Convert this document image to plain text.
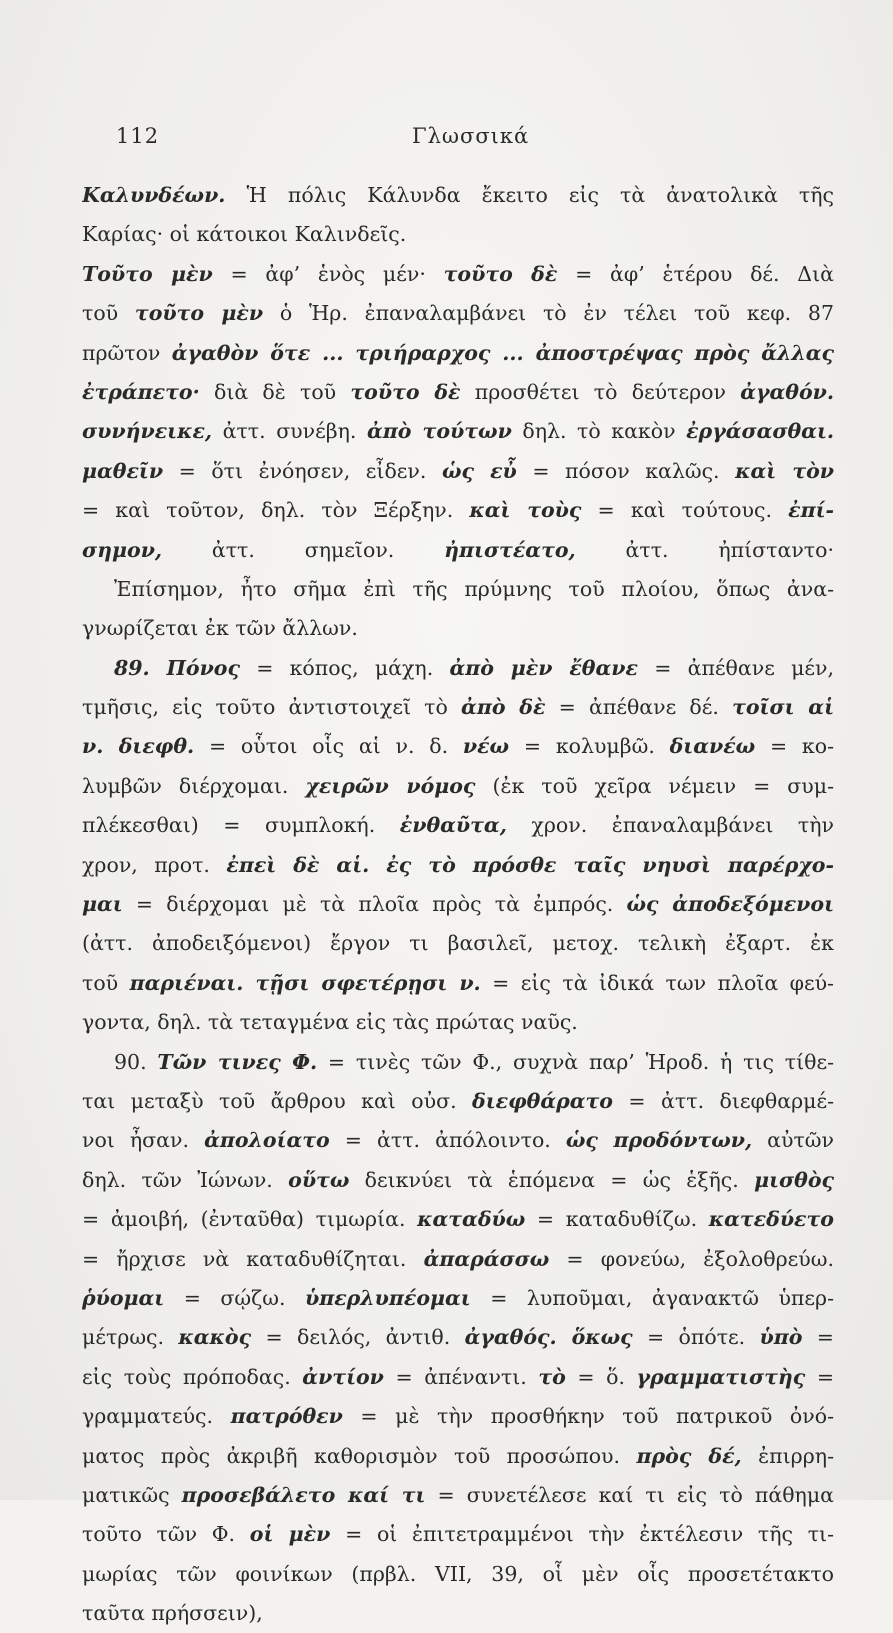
112	Γλωσσικά
Καλυνδέων. Ἡ πόλις Κάλυνδα ἔκειτο εἰς τὰ ἀνατολικὰ τῆς
Καρίας· οἱ κάτοικοι Καλινδεῖς.
Τοῦτο μὲν = ἀφ’ ἑνὸς μέν· τοῦτο δὲ = ἀφ’ ἑτέρου δέ. Διὰ
τοῦ τοῦτο μὲν ὁ Ἡρ. ἐπαναλαμβάνει τὸ ἐν τέλει τοῦ κεφ. 87
πρῶτον ἀγαθὸν ὅτε ... τριήραρχος ... ἀποστρέψας πρὸς ἄλλας
ἐτράπετο· διὰ δὲ τοῦ τοῦτο δὲ προσθέτει τὸ δεύτερον ἀγαθόν.
συνήνεικε, ἀττ. συνέβη. ἀπὸ τούτων δηλ. τὸ κακὸν ἐργάσασθαι.
μαθεῖν = ὅτι ἐνόησεν, εἶδεν. ὡς εὖ = πόσον καλῶς. καὶ τὸν
= καὶ τοῦτον, δηλ. τὸν Ξέρξην. καὶ τοὺς = καὶ τούτους. ἐπί-
σημον, ἀττ. σημεῖον. ἠπιστέατο, ἀττ. ἠπίσταντο·
Ἐπίσημον, ἦτο σῆμα ἐπὶ τῆς πρύμνης τοῦ πλοίου, ὅπως ἀνα-
γνωρίζεται ἐκ τῶν ἄλλων.
89. Πόνος = κόπος, μάχη. ἀπὸ μὲν ἔθανε = ἀπέθανε μέν,
τμῆσις, εἰς τοῦτο ἀντιστοιχεῖ τὸ ἀπὸ δὲ = ἀπέθανε δέ. τοῖσι αἱ
ν. διεφθ. = οὗτοι οἷς αἱ ν. δ. νέω = κολυμβῶ. διανέω = κο-
λυμβῶν διέρχομαι. χειρῶν νόμος (ἐκ τοῦ χεῖρα νέμειν = συμ-
πλέκεσθαι) = συμπλοκή. ἐνθαῦτα, χρον. ἐπαναλαμβάνει τὴν
χρον, προτ. ἐπεὶ δὲ αἱ. ἐς τὸ πρόσθε ταῖς νηυσὶ παρέρχο-
μαι = διέρχομαι μὲ τὰ πλοῖα πρὸς τὰ ἐμπρός. ὡς ἀποδεξόμενοι
(ἀττ. ἀποδειξόμενοι) ἔργον τι βασιλεῖ, μετοχ. τελικὴ ἐξαρτ. ἐκ
τοῦ παριέναι. τῇσι σφετέρῃσι ν. = εἰς τὰ ἰδικά των πλοῖα φεύ-
γοντα, δηλ. τὰ τεταγμένα εἰς τὰς πρώτας ναῦς.
90. Τῶν τινες Φ. = τινὲς τῶν Φ., συχνὰ παρ’ Ἡροδ. ἡ τις τίθε-
ται μεταξὺ τοῦ ἄρθρου καὶ οὐσ. διεφθάρατο = ἀττ. διεφθαρμέ-
νοι ἦσαν. ἀπολοίατο = ἀττ. ἀπόλοιντο. ὡς προδόντων, αὐτῶν
δηλ. τῶν Ἰώνων. οὕτω δεικνύει τὰ ἑπόμενα = ὡς ἑξῆς. μισθὸς
= ἀμοιβή, (ἐνταῦθα) τιμωρία. καταδύω = καταδυθίζω. κατεδύετο
= ἤρχισε νὰ καταδυθίζηται. ἀπαράσσω = φονεύω, ἐξολοθρεύω.
ῥύομαι = σῴζω. ὑπερλυπέομαι = λυποῦμαι, ἀγανακτῶ ὑπερ-
μέτρως. κακὸς = δειλός, ἀντιθ. ἀγαθός. ὅκως = ὁπότε. ὑπὸ =
εἰς τοὺς πρόποδας. ἀντίον = ἀπέναντι. τὸ = ὅ. γραμματιστὴς =
γραμματεύς. πατρόθεν = μὲ τὴν προσθήκην τοῦ πατρικοῦ ὀνό-
ματος πρὸς ἀκριβῆ καθορισμὸν τοῦ προσώπου. πρὸς δέ, ἐπιρρη-
ματικῶς προσεβάλετο καί τι = συνετέλεσε καί τι εἰς τὸ πάθημα
τοῦτο τῶν Φ. οἱ μὲν = οἱ ἐπιτετραμμένοι τὴν ἐκτέλεσιν τῆς τι-
μωρίας τῶν φοινίκων (πρβλ. VII, 39, οἷ μὲν οἷς προσετέτακτο
ταῦτα πρήσσειν),
